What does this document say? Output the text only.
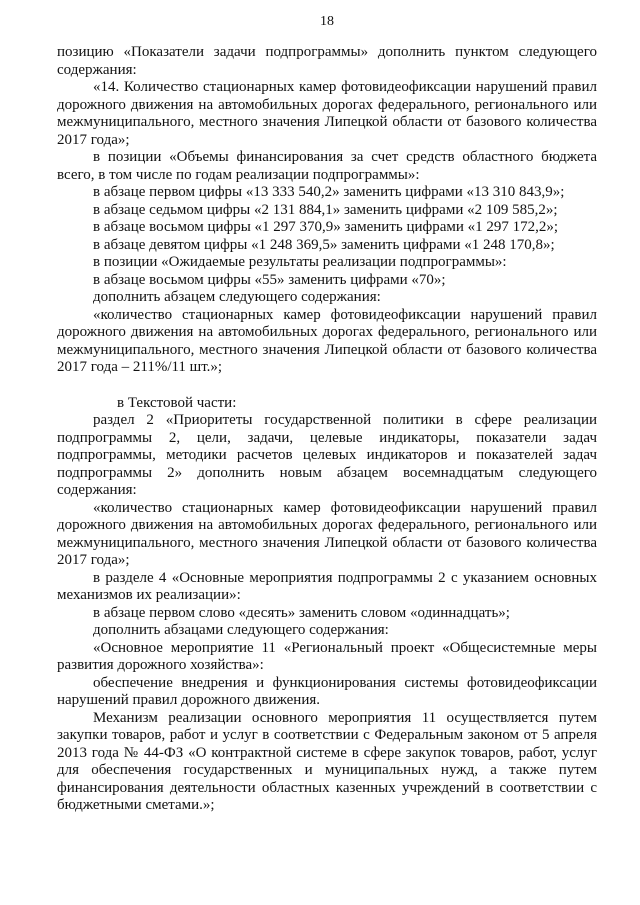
18

позицию «Показатели задачи подпрограммы» дополнить пунктом следующего содержания:

«14. Количество стационарных камер фотовидеофиксации нарушений правил дорожного движения на автомобильных дорогах федерального, регионального или межмуниципального, местного значения Липецкой области от базового количества 2017 года»;

в позиции «Объемы финансирования за счет средств областного бюджета всего, в том числе по годам реализации подпрограммы»:

в абзаце первом цифры «13 333 540,2» заменить цифрами «13 310 843,9»;

в абзаце седьмом цифры «2 131 884,1» заменить цифрами «2 109 585,2»;

в абзаце восьмом цифры «1 297 370,9» заменить цифрами «1 297 172,2»;

в абзаце девятом цифры «1 248 369,5» заменить цифрами «1 248 170,8»;

в позиции «Ожидаемые результаты реализации подпрограммы»:

в абзаце восьмом цифры «55» заменить цифрами «70»;

дополнить абзацем следующего содержания:

«количество стационарных камер фотовидеофиксации нарушений правил дорожного движения на автомобильных дорогах федерального, регионального или межмуниципального, местного значения Липецкой области от базового количества 2017 года – 211%/11 шт.»;

в Текстовой части:

раздел 2 «Приоритеты государственной политики в сфере реализации подпрограммы 2, цели, задачи, целевые индикаторы, показатели задач подпрограммы, методики расчетов целевых индикаторов и показателей задач подпрограммы 2» дополнить новым абзацем восемнадцатым следующего содержания:

«количество стационарных камер фотовидеофиксации нарушений правил дорожного движения на автомобильных дорогах федерального, регионального или межмуниципального, местного значения Липецкой области от базового количества 2017 года»;

в разделе 4 «Основные мероприятия подпрограммы 2 с указанием основных механизмов их реализации»:

в абзаце первом слово «десять» заменить словом «одиннадцать»;

дополнить абзацами следующего содержания:

«Основное мероприятие 11 «Региональный проект «Общесистемные меры развития дорожного хозяйства»:

обеспечение внедрения и функционирования системы фотовидеофиксации нарушений правил дорожного движения.

Механизм реализации основного мероприятия 11 осуществляется путем закупки товаров, работ и услуг в соответствии с Федеральным законом от 5 апреля 2013 года № 44-ФЗ «О контрактной системе в сфере закупок товаров, работ, услуг для обеспечения государственных и муниципальных нужд, а также путем финансирования деятельности областных казенных учреждений в соответствии с бюджетными сметами.»;
